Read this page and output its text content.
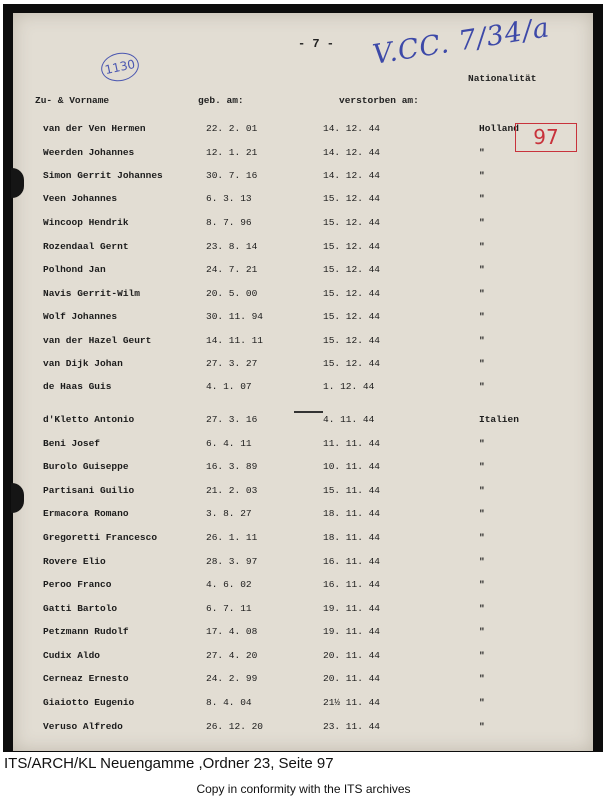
- 7 - V.CC. 7/34/a
1130
Zu- & Vorname	geb. am:	verstorben am:
Nationalität
van der Ven Hermen	22. 2. 01	14. 12. 44	Holland
Weerden Johannes	12. 1. 21	14. 12. 44	"
Simon Gerrit Johannes	30. 7. 16	14. 12. 44	"
Veen Johannes	6. 3. 13	15. 12. 44	"
Wincoop Hendrik	8. 7. 96	15. 12. 44	"
Rozendaal Gernt	23. 8. 14	15. 12. 44	"
Polhond Jan	24. 7. 21	15. 12. 44	"
Navis Gerrit-Wilm	20. 5. 00	15. 12. 44	"
Wolf Johannes	30. 11. 94	15. 12. 44	"
van der Hazel Geurt	14. 11. 11	15. 12. 44	"
van Dijk Johan	27. 3. 27	15. 12. 44	"
de Haas Guis	4. 1. 07	1. 12. 44	"
d'Kletto Antonio	27. 3. 16	4. 11. 44	Italien
Beni Josef	6. 4. 11	11. 11. 44	"
Burolo Guiseppe	16. 3. 89	10. 11. 44	"
Partisani Guilio	21. 2. 03	15. 11. 44	"
Ermacora Romano	3. 8. 27	18. 11. 44	"
Gregoretti Francesco	26. 1. 11	18. 11. 44	"
Rovere Elio	28. 3. 97	16. 11. 44	"
Peroo Franco	4. 6. 02	16. 11. 44	"
Gatti Bartolo	6. 7. 11	19. 11. 44	"
Petzmann Rudolf	17. 4. 08	19. 11. 44	"
Cudix Aldo	27. 4. 20	20. 11. 44	"
Cerneaz Ernesto	24. 2. 99	20. 11. 44	"
Giaiotto Eugenio	8. 4. 04	21½ 11. 44	"
Veruso Alfredo	26. 12. 20	23. 11. 44	"
97
ITS/ARCH/KL Neuengamme ,Ordner 23, Seite 97
Copy in conformity with the ITS archives
